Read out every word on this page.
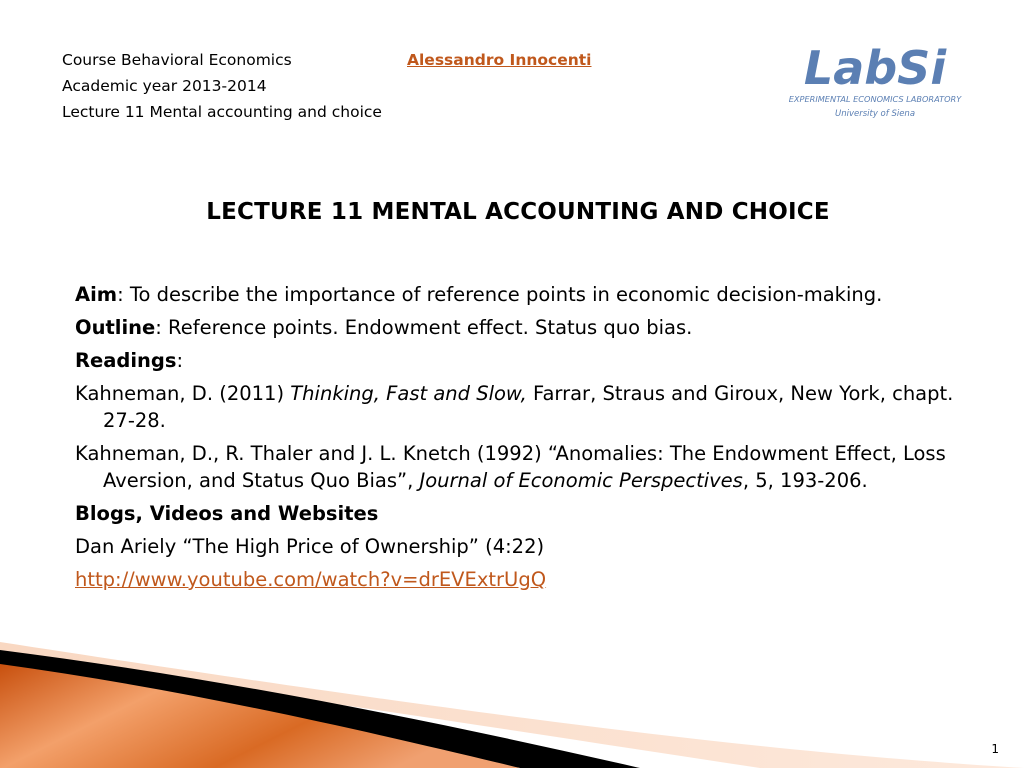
Course Behavioral Economics
Academic year 2013-2014
Lecture 11 Mental accounting and choice
Alessandro Innocenti	LabSi
EXPERIMENTAL ECONOMICS LABORATORY
University of Siena
LECTURE 11 MENTAL ACCOUNTING AND CHOICE
Aim: To describe the importance of reference points in economic decision-making.
Outline: Reference points. Endowment effect. Status quo bias.
Readings:
Kahneman, D. (2011) Thinking, Fast and Slow, Farrar, Straus and Giroux, New York, chapt. 27-28.
Kahneman, D., R. Thaler and J. L. Knetch (1992) “Anomalies: The Endowment Effect, Loss Aversion, and Status Quo Bias”, Journal of Economic Perspectives, 5, 193-206.
Blogs, Videos and Websites
Dan Ariely “The High Price of Ownership” (4:22)
http://www.youtube.com/watch?v=drEVExtrUgQ
1
